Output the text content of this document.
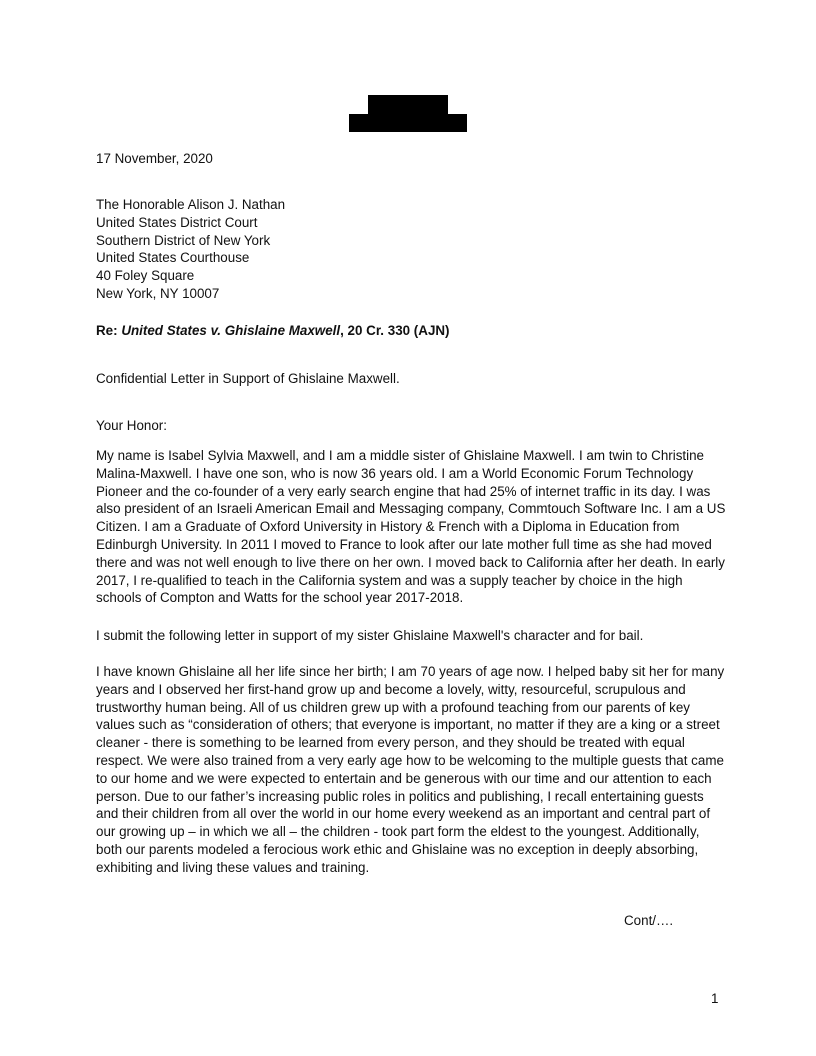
17 November, 2020
The Honorable Alison J. Nathan
United States District Court
Southern District of New York
United States Courthouse
40 Foley Square
New York, NY 10007
Re: United States v. Ghislaine Maxwell, 20 Cr. 330 (AJN)
Confidential Letter in Support of Ghislaine Maxwell.
Your Honor:

My name is Isabel Sylvia Maxwell, and I am a middle sister of Ghislaine Maxwell. I am twin to Christine Malina-Maxwell. I have one son, who is now 36 years old. I am a World Economic Forum Technology Pioneer and the co-founder of a very early search engine that had 25% of internet traffic in its day. I was also president of an Israeli American Email and Messaging company, Commtouch Software Inc. I am a US Citizen. I am a Graduate of Oxford University in History & French with a Diploma in Education from Edinburgh University. In 2011 I moved to France to look after our late mother full time as she had moved there and was not well enough to live there on her own. I moved back to California after her death. In early 2017, I re-qualified to teach in the California system and was a supply teacher by choice in the high schools of Compton and Watts for the school year 2017-2018.

I submit the following letter in support of my sister Ghislaine Maxwell's character and for bail.

I have known Ghislaine all her life since her birth; I am 70 years of age now. I helped baby sit her for many years and I observed her first-hand grow up and become a lovely, witty, resourceful, scrupulous and trustworthy human being. All of us children grew up with a profound teaching from our parents of key values such as “consideration of others; that everyone is important, no matter if they are a king or a street cleaner - there is something to be learned from every person, and they should be treated with equal respect. We were also trained from a very early age how to be welcoming to the multiple guests that came to our home and we were expected to entertain and be generous with our time and our attention to each person. Due to our father’s increasing public roles in politics and publishing, I recall entertaining guests and their children from all over the world in our home every weekend as an important and central part of our growing up – in which we all – the children - took part form the eldest to the youngest. Additionally, both our parents modeled a ferocious work ethic and Ghislaine was no exception in deeply absorbing, exhibiting and living these values and training.

Cont/….
1
